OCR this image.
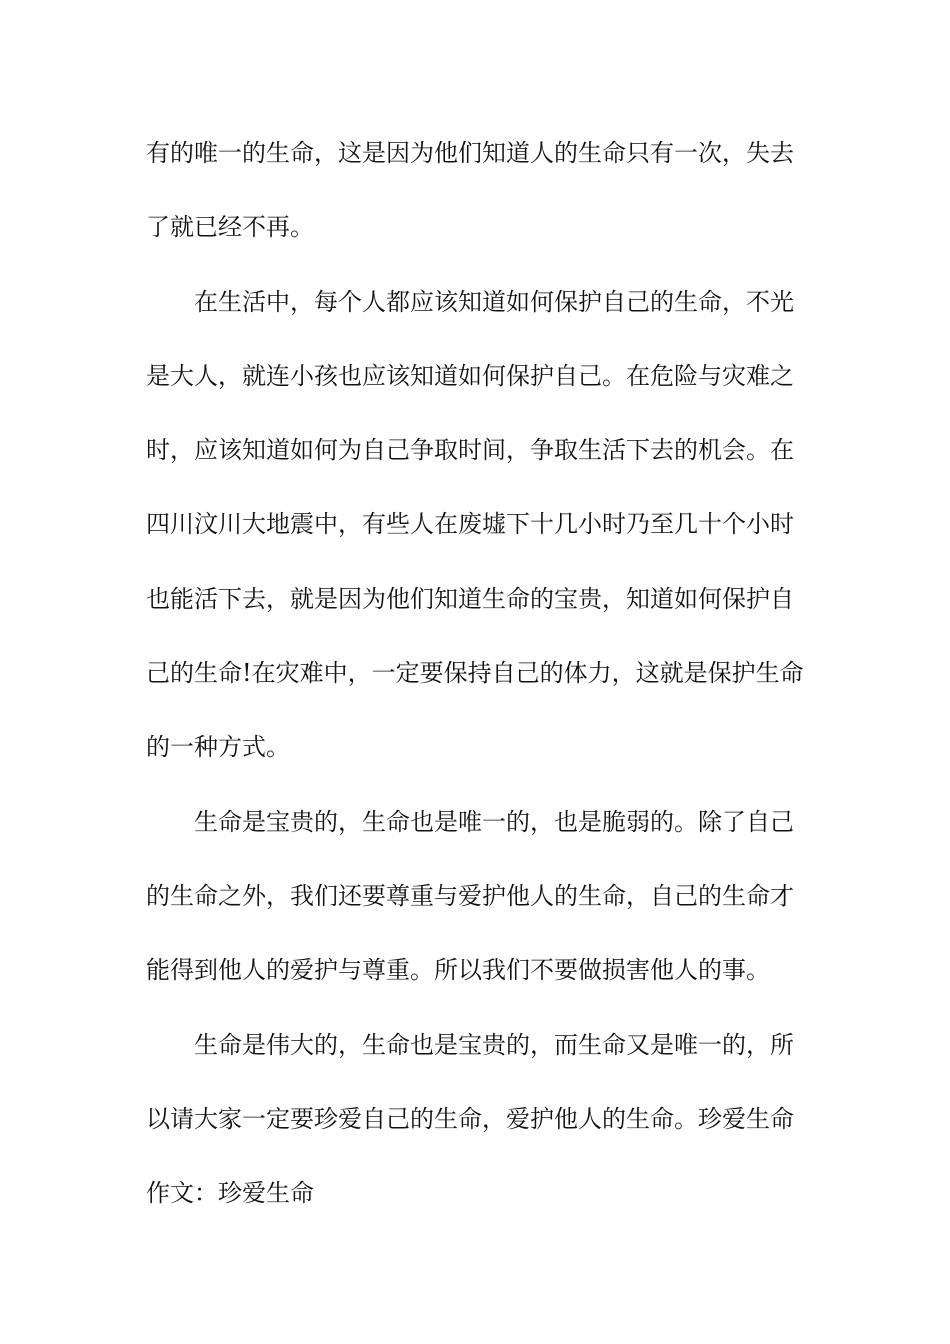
有的唯一的生命，这是因为他们知道人的生命只有一次，失去
了就已经不再。
在生活中，每个人都应该知道如何保护自己的生命，不光
是大人，就连小孩也应该知道如何保护自己。在危险与灾难之
时，应该知道如何为自己争取时间，争取生活下去的机会。在
四川汶川大地震中，有些人在废墟下十几小时乃至几十个小时
也能活下去，就是因为他们知道生命的宝贵，知道如何保护自
己的生命!在灾难中，一定要保持自己的体力，这就是保护生命
的一种方式。
生命是宝贵的，生命也是唯一的，也是脆弱的。除了自己
的生命之外，我们还要尊重与爱护他人的生命，自己的生命才
能得到他人的爱护与尊重。所以我们不要做损害他人的事。
生命是伟大的，生命也是宝贵的，而生命又是唯一的，所
以请大家一定要珍爱自己的生命，爱护他人的生命。珍爱生命
作文：珍爱生命
